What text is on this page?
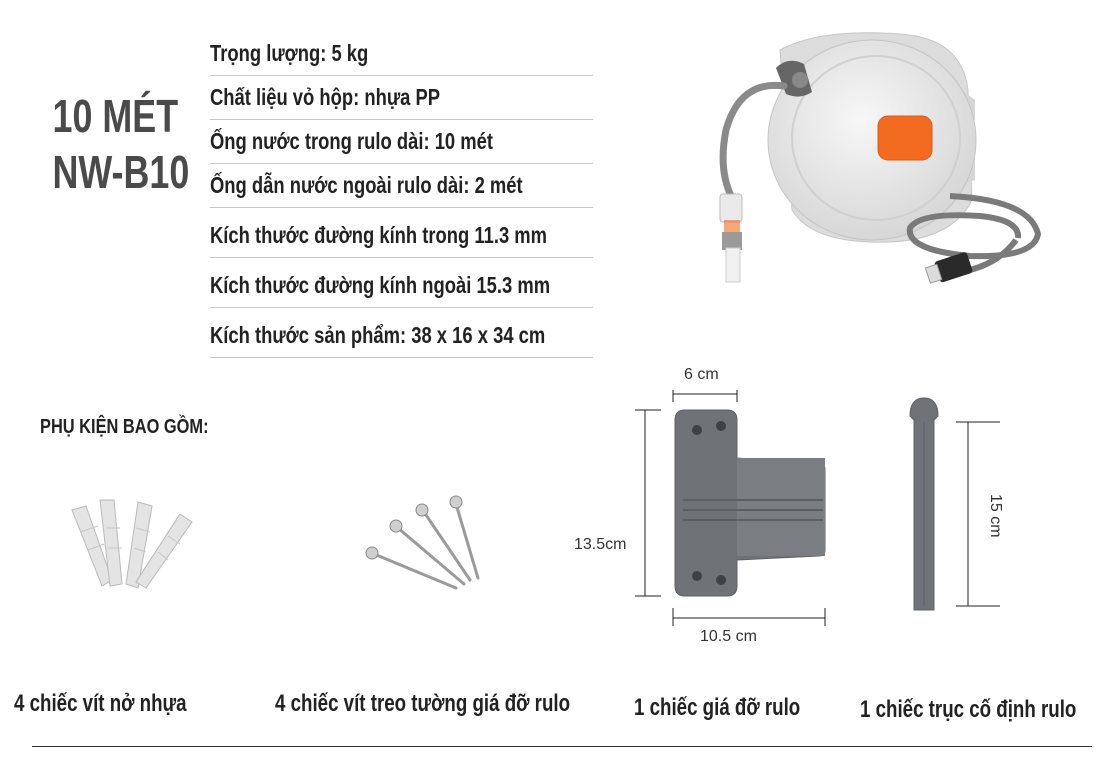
10 MÉT
NW-B10
Trọng lượng: 5 kg
Chất liệu vỏ hộp: nhựa PP
Ống nước trong rulo dài: 10 mét
Ống dẫn nước ngoài rulo dài: 2 mét
Kích thước đường kính trong 11.3 mm
Kích thước đường kính ngoài 15.3 mm
Kích thước sản phẩm: 38 x 16 x 34 cm
PHỤ KIỆN BAO GỒM:
6 cm
13.5cm
10.5 cm
15 cm
4 chiếc vít nở nhựa	4 chiếc vít treo tường giá đỡ rulo	1 chiếc giá đỡ rulo 1 chiếc trục cố định rulo
